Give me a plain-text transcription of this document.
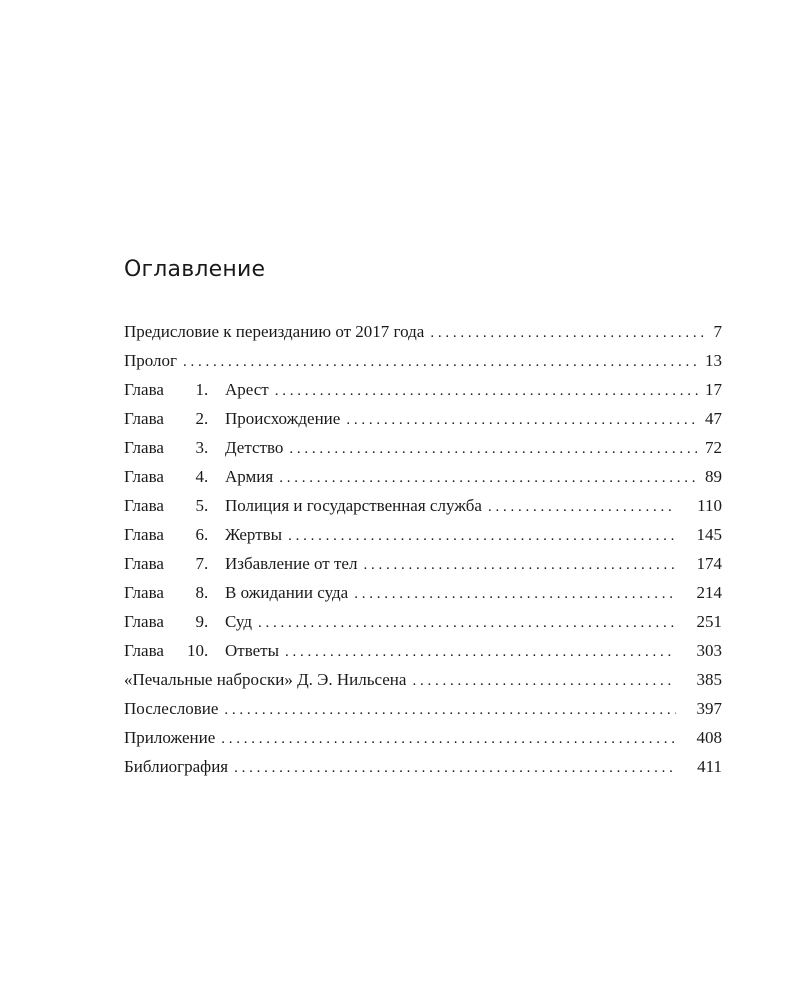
Оглавление
Предисловие к переизданию от 2017 года . . .	7
Пролог . . .	13
Глава	1 . Арест . . .	17
Глава	2 . Происхождение . . .	47
Глава	3 . Детство . . .	72
Глава	4 . Армия . . .	89
Глава	5 . Полиция и государственная служба . . .	110
Глава	6 . Жертвы . . .	145
Глава	7 . Избавление от тел . . .	174
Глава	8 . В ожидании суда . . .	214
Глава	9 . Суд . . .	251
Глава	10 . Ответы . . .	303
«Печальные наброски» Д. Э. Нильсена . . .	385
Послесловие . . .	397
Приложение . . .	408
Библиография . . .	411
